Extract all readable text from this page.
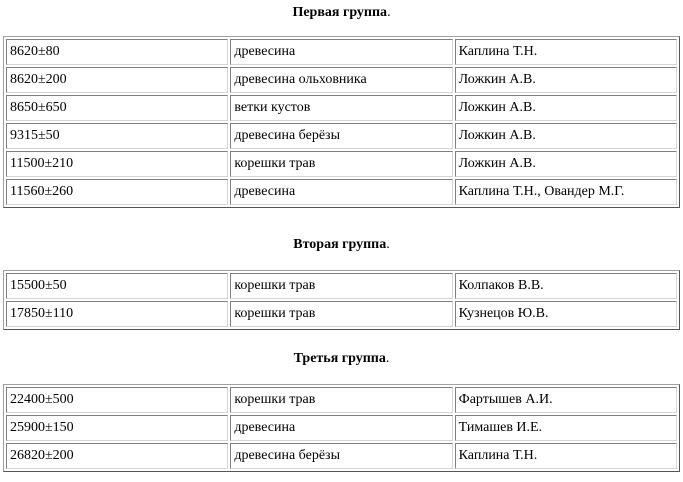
Первая группа.
8620±80	древесина	Каплина Т.Н.
8620±200	древесина ольховника	Ложкин А.В.
8650±650	ветки кустов	Ложкин А.В.
9315±50	древесина берёзы	Ложкин А.В.
11500±210	корешки трав	Ложкин А.В.
11560±260	древесина	Каплина Т.Н., Овандер М.Г.
Вторая группа.
15500±50	корешки трав	Колпаков В.В.
17850±110	корешки трав	Кузнецов Ю.В.
Третья группа.
22400±500	корешки трав	Фартышев А.И.
25900±150	древесина	Тимашев И.Е.
26820±200	древесина берёзы	Каплина Т.Н.
